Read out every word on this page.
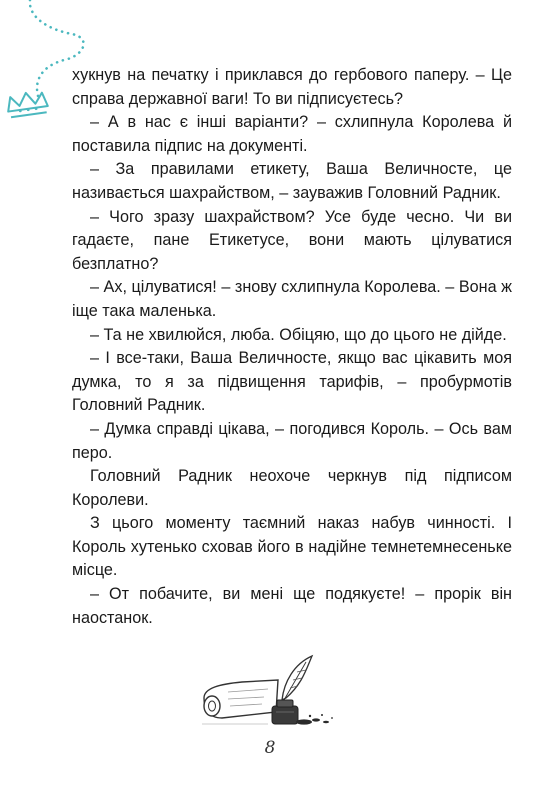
хукнув на печатку і приклався до гербового паперу. – Це справа державної ваги! То ви підписуєтесь?

– А в нас є інші варіанти? – схлипнула Королева й поставила підпис на документі.

– За правилами етикету, Ваша Величносте, це називається шахрайством, – зауважив Головний Радник.

– Чого зразу шахрайством? Усе буде чесно. Чи ви гадаєте, пане Етикетусе, вони мають цілуватися безплатно?

– Ах, цілуватися! – знову схлипнула Королева. – Вона ж іще така маленька.

– Та не хвилюйся, люба. Обіцяю, що до цього не дійде.

– І все-таки, Ваша Величносте, якщо вас цікавить моя думка, то я за підвищення тарифів, – пробурмотів Головний Радник.

– Думка справді цікава, – погодився Король. – Ось вам перо.

Головний Радник неохоче черкнув під підписом Королеви.

З цього моменту таємний наказ набув чинності. І Король хутенько сховав його в надійне темнетемнесеньке місце.

– От побачите, ви мені ще подякуєте! – прорік він наостанок.

8
